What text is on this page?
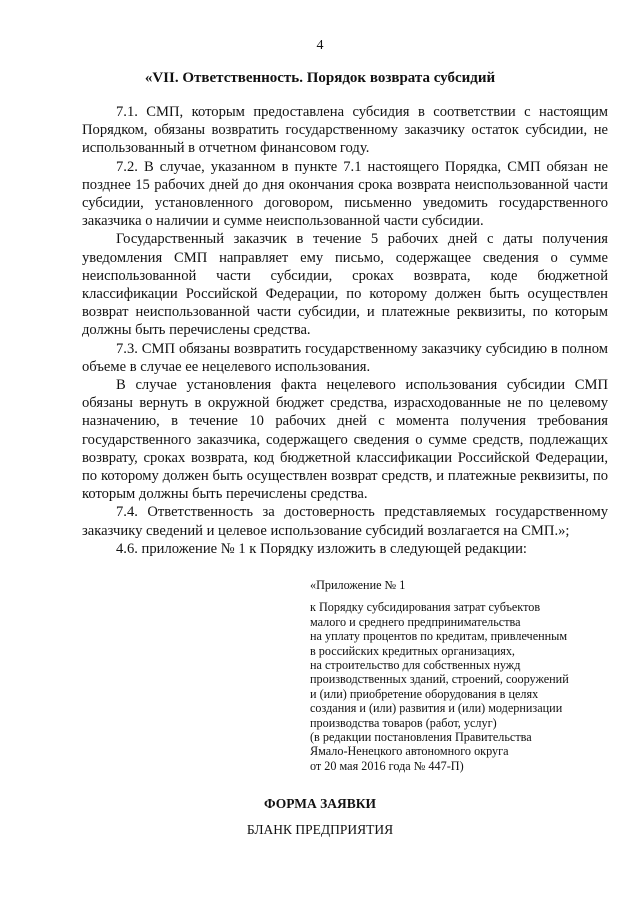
4
«VII. Ответственность. Порядок возврата субсидий

7.1. СМП, которым предоставлена субсидия в соответствии с настоящим Порядком, обязаны возвратить государственному заказчику остаток субсидии, не использованный в отчетном финансовом году.

7.2. В случае, указанном в пункте 7.1 настоящего Порядка, СМП обязан не позднее 15 рабочих дней до дня окончания срока возврата неиспользованной части субсидии, установленного договором, письменно уведомить государственного заказчика о наличии и сумме неиспользованной части субсидии.

Государственный заказчик в течение 5 рабочих дней с даты получения уведомления СМП направляет ему письмо, содержащее сведения о сумме неиспользованной части субсидии, сроках возврата, коде бюджетной классификации Российской Федерации, по которому должен быть осуществлен возврат неиспользованной части субсидии, и платежные реквизиты, по которым должны быть перечислены средства.

7.3. СМП обязаны возвратить государственному заказчику субсидию в полном объеме в случае ее нецелевого использования.

В случае установления факта нецелевого использования субсидии СМП обязаны вернуть в окружной бюджет средства, израсходованные не по целевому назначению, в течение 10 рабочих дней с момента получения требования государственного заказчика, содержащего сведения о сумме средств, подлежащих возврату, сроках возврата, код бюджетной классификации Российской Федерации, по которому должен быть осуществлен возврат средств, и платежные реквизиты, по которым должны быть перечислены средства.

7.4. Ответственность за достоверность представляемых государственному заказчику сведений и целевое использование субсидий возлагается на СМП.»;

4.6. приложение № 1 к Порядку изложить в следующей редакции:

«Приложение № 1
к Порядку субсидирования затрат субъектов
малого и среднего предпринимательства
на уплату процентов по кредитам, привлеченным
в российских кредитных организациях,
на строительство для собственных нужд
производственных зданий, строений, сооружений
и (или) приобретение оборудования в целях
создания и (или) развития и (или) модернизации
производства товаров (работ, услуг)
(в редакции постановления Правительства
Ямало-Ненецкого автономного округа
от 20 мая 2016 года № 447-П)
ФОРМА ЗАЯВКИ
БЛАНК ПРЕДПРИЯТИЯ
